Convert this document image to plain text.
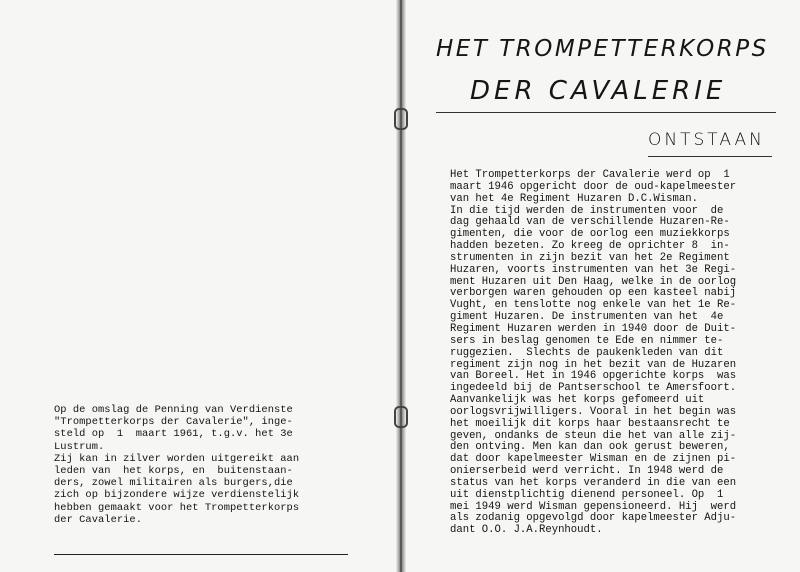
Op de omslag de Penning van Verdienste
"Trompetterkorps der Cavalerie", inge-
steld op  1  maart 1961, t.g.v. het 3e
Lustrum.
Zij kan in zilver worden uitgereikt aan
leden van  het korps, en  buitenstaan-
ders, zowel militairen als burgers,die
zich op bijzondere wijze verdienstelijk
hebben gemaakt voor het Trompetterkorps
der Cavalerie.
HET TROMPETTERKORPS
DER CAVALERIE
ONTSTAAN
Het Trompetterkorps der Cavalerie werd op  1
maart 1946 opgericht door de oud-kapelmeester
van het 4e Regiment Huzaren D.C.Wisman.
In die tijd werden de instrumenten voor  de
dag gehaald van de verschillende Huzaren-Re-
gimenten, die voor de oorlog een muziekkorps
hadden bezeten. Zo kreeg de oprichter 8  in-
strumenten in zijn bezit van het 2e Regiment
Huzaren, voorts instrumenten van het 3e Regi-
ment Huzaren uit Den Haag, welke in de oorlog
verborgen waren gehouden op een kasteel nabij
Vught, en tenslotte nog enkele van het 1e Re-
giment Huzaren. De instrumenten van het  4e
Regiment Huzaren werden in 1940 door de Duit-
sers in beslag genomen te Ede en nimmer te-
ruggezien.  Slechts de paukenkleden van dit
regiment zijn nog in het bezit van de Huzaren
van Boreel. Het in 1946 opgerichte korps  was
ingedeeld bij de Pantserschool te Amersfoort.
Aanvankelijk was het korps gefomeerd uit
oorlogsvrijwilligers. Vooral in het begin was
het moeilijk dit korps haar bestaansrecht te
geven, ondanks de steun die het van alle zij-
den ontving. Men kan dan ook gerust beweren,
dat door kapelmeester Wisman en de zijnen pi-
onierserbeid werd verricht. In 1948 werd de
status van het korps veranderd in die van een
uit dienstplichtig dienend personeel. Op  1
mei 1949 werd Wisman gepensioneerd. Hij  werd
als zodanig opgevolgd door kapelmeester Adju-
dant O.O. J.A.Reynhoudt.
